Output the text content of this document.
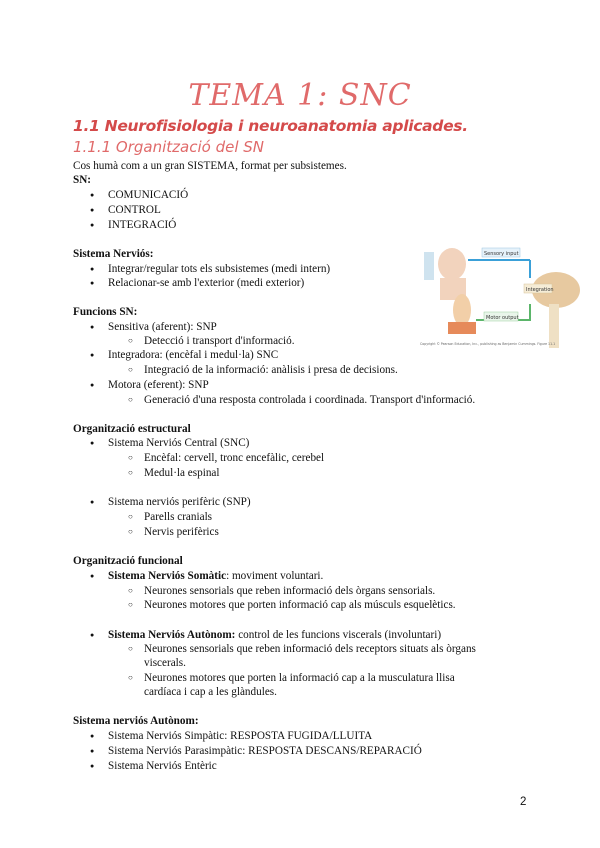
TEMA 1: SNC
1.1 Neurofisiologia i neuroanatomia aplicades.
1.1.1 Organització del SN
Cos humà com a un gran SISTEMA, format per subsistemes.
SN:
● COMUNICACIÓ
● CONTROL
● INTEGRACIÓ
Sistema Nerviós:
● Integrar/regular tots els subsistemes (medi intern)
● Relacionar-se amb l'exterior (medi exterior)
Sensory input
Integration
Motor output
Copyright © Pearson Education, Inc., publishing as Benjamin Cummings. Figure 11.1
Funcions SN:
● Sensitiva (aferent): SNP
○ Detecció i transport d'informació.
● Integradora: (encèfal i medul·la) SNC
○ Integració de la informació: anàlisis i presa de decisions.
● Motora (eferent): SNP
○ Generació d'una resposta controlada i coordinada. Transport d'informació.
Organització estructural
● Sistema Nerviós Central (SNC)
○ Encèfal: cervell, tronc encefàlic, cerebel
○ Medul·la espinal
● Sistema nerviós perifèric (SNP)
○ Parells cranials
○ Nervis perifèrics
Organització funcional
● Sistema Nerviós Somàtic: moviment voluntari.
○ Neurones sensorials que reben informació dels òrgans sensorials.
○ Neurones motores que porten informació cap als músculs esquelètics.
● Sistema Nerviós Autònom: control de les funcions viscerals (involuntari)
○ Neurones sensorials que reben informació dels receptors situats als òrgans
viscerals.
○ Neurones motores que porten la informació cap a la musculatura llisa
cardíaca i cap a les glàndules.
Sistema nerviós Autònom:
● Sistema Nerviós Simpàtic: RESPOSTA FUGIDA/LLUITA
● Sistema Nerviós Parasimpàtic: RESPOSTA DESCANS/REPARACIÓ
● Sistema Nerviós Entèric
2
